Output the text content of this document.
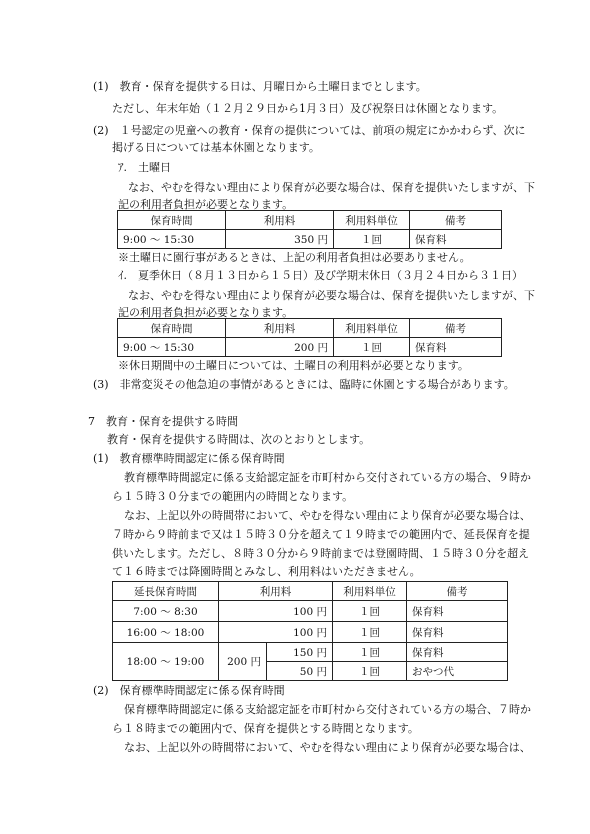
(1)　教育・保育を提供する日は、月曜日から土曜日までとします。
ただし、年末年始（１２月２９日から1月３日）及び祝祭日は休園となります。
(2)　１号認定の児童への教育・保育の提供については、前項の規定にかかわらず、次に
掲げる日については基本休園となります。
ｱ.　土曜日
なお、やむを得ない理由により保育が必要な場合は、保育を提供いたしますが、下
記の利用者負担が必要となります。
保育時間	利用料	利用料単位	備考
9:00 ～ 15:30	350 円	１回	保育料
※土曜日に園行事があるときは、上記の利用者負担は必要ありません。
ｲ.　夏季休日（８月１３日から１５日）及び学期末休日（３月２４日から３１日）
なお、やむを得ない理由により保育が必要な場合は、保育を提供いたしますが、下
記の利用者負担が必要となります。
保育時間	利用料	利用料単位	備考
9:00 ～ 15:30	200 円	１回	保育料
※休日期間中の土曜日については、土曜日の利用料が必要となります。
(3)　非常変災その他急迫の事情があるときには、臨時に休園とする場合があります。
7　教育・保育を提供する時間
教育・保育を提供する時間は、次のとおりとします。
(1)　教育標準時間認定に係る保育時間
教育標準時間認定に係る支給認定証を市町村から交付されている方の場合、９時か
ら１５時３０分までの範囲内の時間となります。
なお、上記以外の時間帯において、やむを得ない理由により保育が必要な場合は、
７時から９時前まで又は１５時３０分を超えて１９時までの範囲内で、延長保育を提
供いたします。ただし、８時３０分から９時前までは登園時間、１５時３０分を超え
て１６時までは降園時間とみなし、利用料はいただきません。
延長保育時間	利用料		利用料単位	備考
7:00 ～ 8:30	100 円		１回	保育料
16:00 ～ 18:00	100 円		１回	保育料
18:00 ～ 19:00	200 円	150 円	１回	保育料
		50 円	１回	おやつ代
(2)　保育標準時間認定に係る保育時間
保育標準時間認定に係る支給認定証を市町村から交付されている方の場合、７時か
ら１８時までの範囲内で、保育を提供とする時間となります。
なお、上記以外の時間帯において、やむを得ない理由により保育が必要な場合は、
